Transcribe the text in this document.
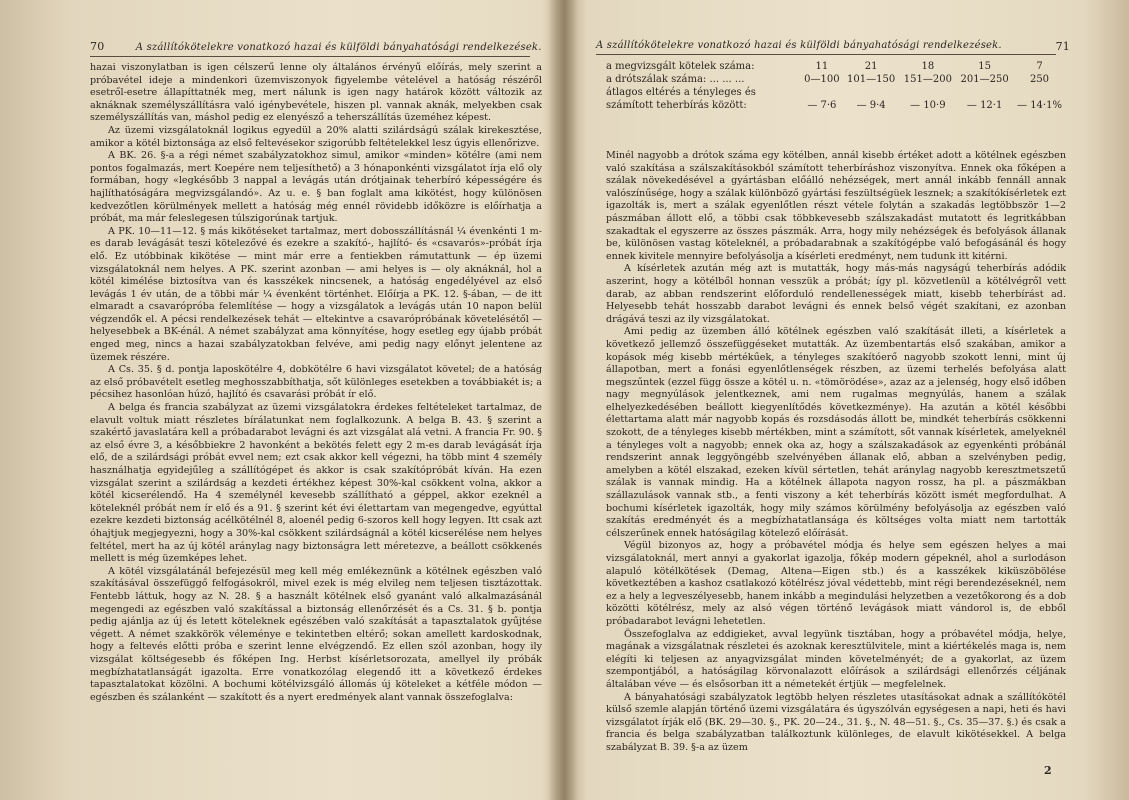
70	A szállítókötelekre vonatkozó hazai és külföldi bányahatósági rendelkezések.

hazai viszonylatban is igen célszerű lenne oly általános érvényű előírás, mely szerint a próbavétel ideje a mindenkori üzemviszonyok figyelembe vételével a hatóság részéről esetről-esetre állapíttatnék meg, mert nálunk is igen nagy határok között változik az aknáknak személyszállításra való igénybevétele, hiszen pl. vannak aknák, melyekben csak személyszállítás van, máshol pedig ez elenyésző a teherszállítás üzeméhez képest.

Az üzemi vizsgálatoknál logikus egyedül a 20% alatti szilárdságú szálak kirekesztése, amikor a kötél biztonsága az első feltevésekor szigorúbb feltételekkel lesz úgyis ellenőrizve.

A BK. 26. §-a a régi német szabályzatokhoz simul, amikor «minden» kötélre (ami nem pontos fogalmazás, mert Koepére nem teljesíthető) a 3 hónaponkénti vizsgálatot írja elő oly formában, hogy «legkésőbb 3 nappal a levágás után drótjainak teherbíró képességére és hajlíthatóságára megvizsgálandó». Az u. e. § ban foglalt ama kikötést, hogy különösen kedvezőtlen körülmények mellett a hatóság még ennél rövidebb időközre is előírhatja a próbát, ma már feleslegesen túlszigorúnak tartjuk.

A PK. 10—11—12. § más kikötéseket tartalmaz, mert dobosszállításnál ¼ évenkénti 1 m-es darab levágását teszi kötelezővé és ezekre a szakító-, hajlító- és «csavarós»-próbát írja elő. Ez utóbbinak kikötése — mint már erre a fentiekben rámutattunk — ép üzemi vizsgálatoknál nem helyes. A PK. szerint azonban — ami helyes is — oly aknáknál, hol a kötél kimélése biztosítva van és kasszékek nincsenek, a hatóság engedélyével az első levágás 1 év után, de a többi már ¼ évenként történhet. Előírja a PK. 12. §-ában, — de itt elmaradt a csavarópróba felemlítése — hogy a vizsgálatok a levágás után 10 napon belül végzendők el. A pécsi rendelkezések tehát — eltekintve a csavarópróbának követelésétől — helyesebbek a BK-énál. A német szabályzat ama könnyítése, hogy esetleg egy újabb próbát enged meg, nincs a hazai szabályzatokban felvéve, ami pedig nagy előnyt jelentene az üzemek részére.

A Cs. 35. § d. pontja laposkötélre 4, dobkötélre 6 havi vizsgálatot követel; de a hatóság az első próbavételt esetleg meghosszabbíthatja, sőt különleges esetekben a továbbiakét is; a pécsihez hasonlóan húzó, hajlító és csavarási próbát ír elő.

A belga és francia szabályzat az üzemi vizsgálatokra érdekes feltételeket tartalmaz, de elavult voltuk miatt részletes bírálatunkat nem foglalkozunk. A belga B. 43. § szerint a szakértő javaslatára kell a próbadarabot levágni és azt vizsgálat alá vetni. A francia Fr. 90. § az első évre 3, a későbbiekre 2 havonként a bekötés felett egy 2 m-es darab levágását írja elő, de a szilárdsági próbát evvel nem; ezt csak akkor kell végezni, ha több mint 4 személy használhatja egyidejűleg a szállítógépet és akkor is csak szakítópróbát kíván. Ha ezen vizsgálat szerint a szilárdság a kezdeti értékhez képest 30%-kal csökkent volna, akkor a kötél kicserélendő. Ha 4 személynél kevesebb szállítható a géppel, akkor ezeknél a köteleknél próbát nem ír elő és a 91. § szerint két évi élettartam van megengedve, egyúttal ezekre kezdeti biztonság acélkötélnél 8, aloenél pedig 6-szoros kell hogy legyen. Itt csak azt óhajtjuk megjegyezni, hogy a 30%-kal csökkent szilárdságnál a kötél kicserélése nem helyes feltétel, mert ha az új kötél aránylag nagy biztonságra lett méretezve, a beállott csökkenés mellett is még üzemképes lehet.

A kötél vizsgálatánál befejezésül meg kell még emlékeznünk a kötélnek egészben való szakításával összefüggő felfogásokról, mivel ezek is még elvileg nem teljesen tisztázottak. Fentebb láttuk, hogy az N. 28. § a használt kötélnek első gyanánt való alkalmazásánál megengedi az egészben való szakítással a biztonság ellenőrzését és a Cs. 31. § b. pontja pedig ajánlja az új és letett köteleknek egészében való szakítását a tapasztalatok gyűjtése végett. A német szakkörök véleménye e tekintetben eltérő; sokan amellett kardoskodnak, hogy a feltevés előtti próba e szerint lenne elvégzendő. Ez ellen szól azonban, hogy ily vizsgálat költségesebb és főképen Ing. Herbst kísérletsorozata, amellyel ily próbák megbízhatatlanságát igazolta. Erre vonatkozólag elegendő itt a következő érdekes tapasztalatokat közölni. A bochumi kötélvizsgáló állomás új köteleket a kétféle módon — egészben és szálanként — szakított és a nyert eredmények alant vannak összefoglalva:

A szállítókötelekre vonatkozó hazai és külföldi bányahatósági rendelkezések.	71
a megvizsgált kötelek száma:	11	21	18	15	7
a drótszálak száma: ... ... ...	0—100	101—150	151—200	201—250	250
átlagos eltérés a tényleges és					
számított teherbírás között:	— 7·6	— 9·4	— 10·9	— 12·1	— 14·1%

Minél nagyobb a drótok száma egy kötélben, annál kisebb értéket adott a kötélnek egészben való szakítása a szálszakításokból számított teherbíráshoz viszonyítva. Ennek oka főképen a szálak növekedésével a gyártásban előálló nehézségek, mert annál inkább fennáll annak valószínűsége, hogy a szálak különböző gyártási feszültségüek lesznek; a szakítókísérletek ezt igazolták is, mert a szálak egyenlőtlen részt vétele folytán a szakadás legtöbbször 1—2 pászmában állott elő, a többi csak többkevesebb szálszakadást mutatott és legritkábban szakadtak el egyszerre az összes pászmák. Arra, hogy mily nehézségek és befolyások állanak be, különösen vastag köteleknél, a próbadarabnak a szakítógépbe való befogásánál és hogy ennek kivitele mennyire befolyásolja a kísérleti eredményt, nem tudunk itt kitérni.

A kísérletek azután még azt is mutatták, hogy más-más nagyságú teherbírás adódik aszerint, hogy a kötélből honnan vesszük a próbát; így pl. közvetlenül a kötélvégről vett darab, az abban rendszerint előforduló rendellenességek miatt, kisebb teherbírást ad. Helyesebb tehát hosszabb darabot levágni és ennek belső végét szakítani, ez azonban drágává teszi az ily vizsgálatokat.

Ami pedig az üzemben álló kötélnek egészben való szakítását illeti, a kísérletek a következő jellemző összefüggéseket mutatták. Az üzembentartás első szakában, amikor a kopások még kisebb mértékűek, a tényleges szakítóerő nagyobb szokott lenni, mint új állapotban, mert a fonási egyenlőtlenségek részben, az üzemi terhelés befolyása alatt megszűntek (ezzel függ össze a kötél u. n. «tömörödése», azaz az a jelenség, hogy első időben nagy megnyúlások jelentkeznek, ami nem rugalmas megnyúlás, hanem a szálak elhelyezkedésében beállott kiegyenlítődés következménye). Ha azután a kötél későbbi élettartama alatt már nagyobb kopás és rozsdásodás állott be, mindkét teherbírás csökkenni szokott, de a tényleges kisebb mértékben, mint a számított, sőt vannak kísérletek, amelyeknél a tényleges volt a nagyobb; ennek oka az, hogy a szálszakadások az egyenkénti próbánál rendszerint annak leggyöngébb szelvényében állanak elő, abban a szelvényben pedig, amelyben a kötél elszakad, ezeken kívül sértetlen, tehát aránylag nagyobb keresztmetszetű szálak is vannak mindig. Ha a kötélnek állapota nagyon rossz, ha pl. a pászmákban szállazulások vannak stb., a fenti viszony a két teherbírás között ismét megfordulhat. A bochumi kísérletek igazolták, hogy mily számos körülmény befolyásolja az egészben való szakítás eredményét és a megbízhatatlansága és költséges volta miatt nem tartották célszerűnek ennek hatóságilag kötelező előírását.

Végül bizonyos az, hogy a próbavétel módja és helye sem egészen helyes a mai vizsgálatoknál, mert annyi a gyakorlat igazolja, főkép modern gépeknél, ahol a surlodáson alapuló kötélkötések (Demag, Altena—Eigen stb.) és a kasszékek kiküszöbölése következtében a kashoz csatlakozó kötélrész jóval védettebb, mint régi berendezéseknél, nem ez a hely a legveszélyesebb, hanem inkább a megindulási helyzetben a vezetőkorong és a dob közötti kötélrész, mely az alsó végen történő levágások miatt vándorol is, de ebből próbadarabot levágni lehetetlen.

Összefoglalva az eddigieket, avval legyünk tisztában, hogy a próbavétel módja, helye, magának a vizsgálatnak részletei és azoknak keresztülvitele, mint a kiértékelés maga is, nem elégíti ki teljesen az anyagvizsgálat minden követelményét; de a gyakorlat, az üzem szempontjából, a hatóságilag körvonalazott előírások a szilárdsági ellenőrzés céljának általában véve — és elsősorban itt a németekét értjük — megfelelnek.

A bányahatósági szabályzatok legtöbb helyen részletes utasításokat adnak a szállítókötél külső szemle alapján történő üzemi vizsgálatára és úgyszólván egységesen a napi, heti és havi vizsgálatot írják elő (BK. 29—30. §., PK. 20—24., 31. §., N. 48—51. §., Cs. 35—37. §.) és csak a francia és belga szabályzatban találkoztunk különleges, de elavult kikötésekkel. A belga szabályzat B. 39. §-a az üzem

2
